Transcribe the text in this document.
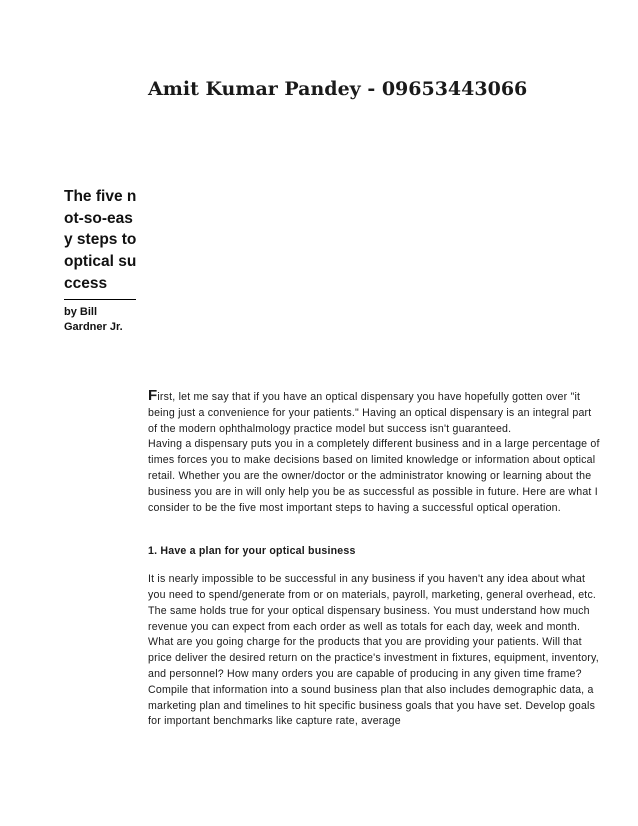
Amit Kumar Pandey - 09653443066

The five not-so-easy steps to optical success

by Bill Gardner Jr.

First, let me say that if you have an optical dispensary you have hopefully gotten over "it being just a convenience for your patients." Having an optical dispensary is an integral part of the modern ophthalmology practice model but success isn't guaranteed.

Having a dispensary puts you in a completely different business and in a large percentage of times forces you to make decisions based on limited knowledge or information about optical retail. Whether you are the owner/doctor or the administrator knowing or learning about the business you are in will only help you be as successful as possible in future. Here are what I consider to be the five most important steps to having a successful optical operation.

1. Have a plan for your optical business

It is nearly impossible to be successful in any business if you haven't any idea about what you need to spend/generate from or on materials, payroll, marketing, general overhead, etc. The same holds true for your optical dispensary business. You must understand how much revenue you can expect from each order as well as totals for each day, week and month. What are you going charge for the products that you are providing your patients. Will that price deliver the desired return on the practice's investment in fixtures, equipment, inventory, and personnel? How many orders you are capable of producing in any given time frame? Compile that information into a sound business plan that also includes demographic data, a marketing plan and timelines to hit specific business goals that you have set. Develop goals for important benchmarks like capture rate, average
